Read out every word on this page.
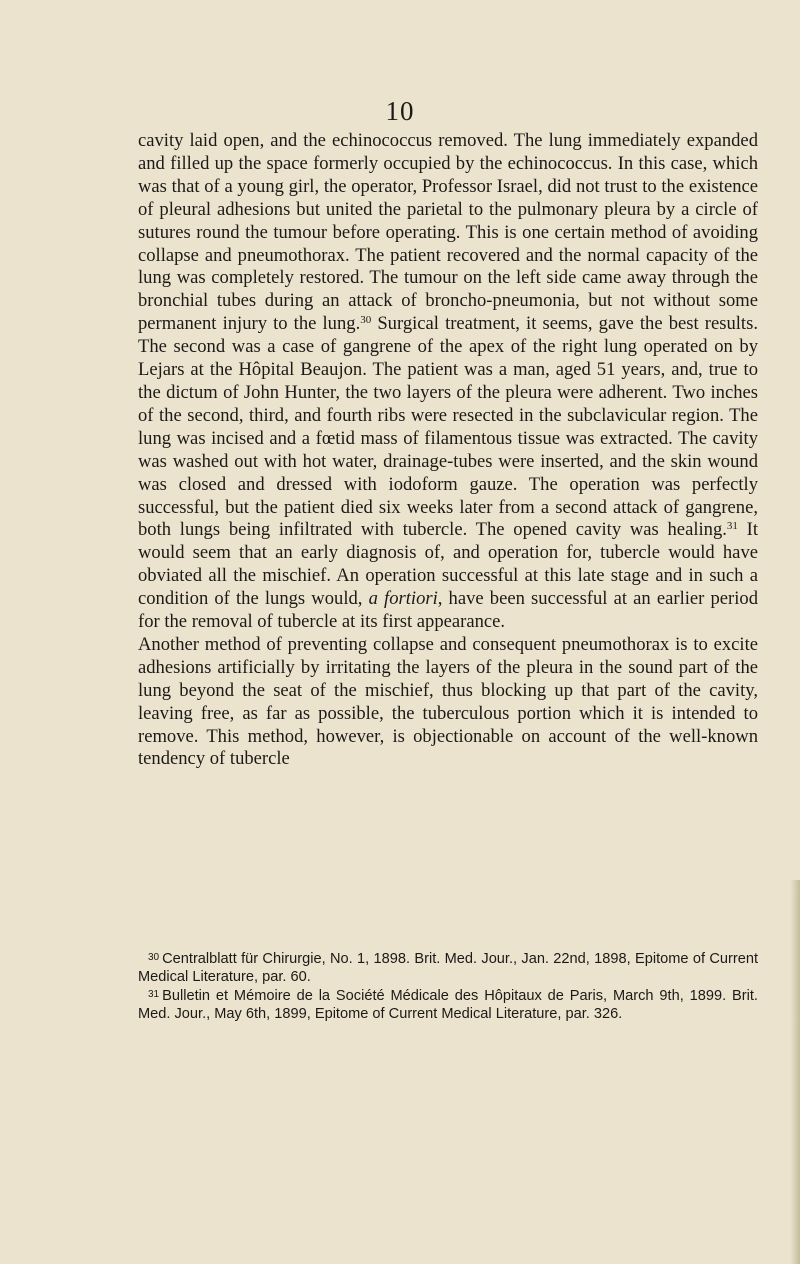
10

cavity laid open, and the echinococcus removed. The lung immediately expanded and filled up the space formerly occupied by the echinococcus. In this case, which was that of a young girl, the operator, Professor Israel, did not trust to the existence of pleural adhesions but united the parietal to the pulmonary pleura by a circle of sutures round the tumour before operating. This is one certain method of avoiding collapse and pneumothorax. The patient recovered and the normal capacity of the lung was completely restored. The tumour on the left side came away through the bronchial tubes during an attack of broncho-pneumonia, but not without some permanent injury to the lung.$^{30}$ Surgical treatment, it seems, gave the best results. The second was a case of gangrene of the apex of the right lung operated on by Lejars at the Hôpital Beaujon. The patient was a man, aged 51 years, and, true to the dictum of John Hunter, the two layers of the pleura were adherent. Two inches of the second, third, and fourth ribs were resected in the subclavicular region. The lung was incised and a fœtid mass of filamentous tissue was extracted. The cavity was washed out with hot water, drainage-tubes were inserted, and the skin wound was closed and dressed with iodoform gauze. The operation was perfectly successful, but the patient died six weeks later from a second attack of gangrene, both lungs being infiltrated with tubercle. The opened cavity was healing.$^{31}$ It would seem that an early diagnosis of, and operation for, tubercle would have obviated all the mischief. An operation successful at this late stage and in such a condition of the lungs would, a fortiori, have been successful at an earlier period for the removal of tubercle at its first appearance.

Another method of preventing collapse and consequent pneumothorax is to excite adhesions artificially by irritating the layers of the pleura in the sound part of the lung beyond the seat of the mischief, thus blocking up that part of the cavity, leaving free, as far as possible, the tuberculous portion which it is intended to remove. This method, however, is objectionable on account of the well-known tendency of tubercle

$^{30}$ Centralblatt für Chirurgie, No. 1, 1898. Brit. Med. Jour., Jan. 22nd, 1898, Epitome of Current Medical Literature, par. 60.

$^{31}$ Bulletin et Mémoire de la Société Médicale des Hôpitaux de Paris, March 9th, 1899. Brit. Med. Jour., May 6th, 1899, Epitome of Current Medical Literature, par. 326.
